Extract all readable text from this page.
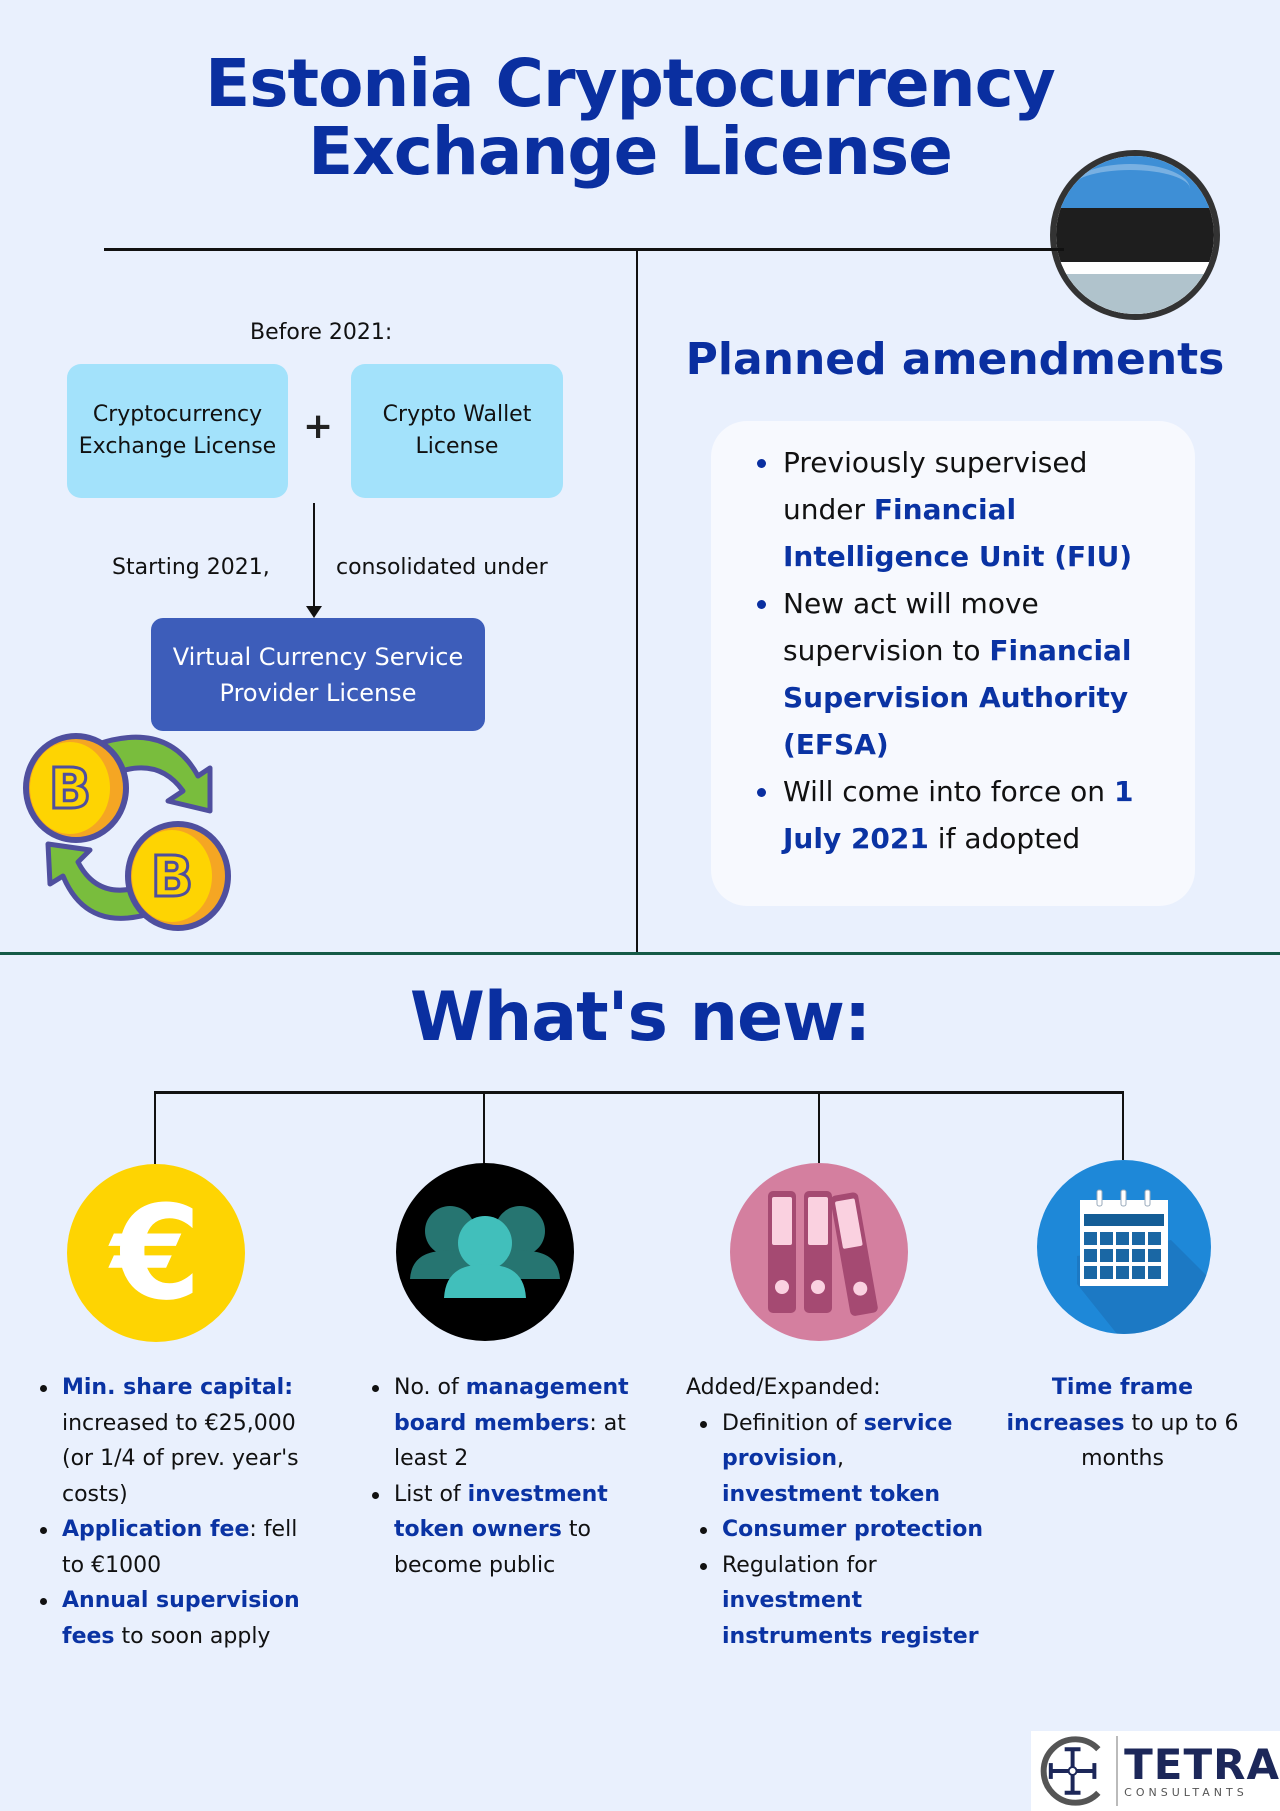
Estonia Cryptocurrency
Exchange License
Before 2021:
Cryptocurrency
Exchange License + Crypto Wallet
License
Starting 2021,	consolidated under
Virtual Currency Service
Provider License
B
B
Planned amendments
Previously supervised under Financial Intelligence Unit (FIU)
New act will move supervision to Financial Supervision Authority (EFSA)
Will come into force on 1 July 2021 if adopted
What's new:
€
Min. share capital: increased to €25,000 (or 1/4 of prev. year's costs)
Application fee: fell to €1000
Annual supervision fees to soon apply
No. of management board members: at least 2
List of investment token owners to become public
Added/Expanded:
Definition of service provision, investment token
Consumer protection
Regulation for investment instruments register
Time frame increases to up to 6 months
TETRA
CONSULTANTS
